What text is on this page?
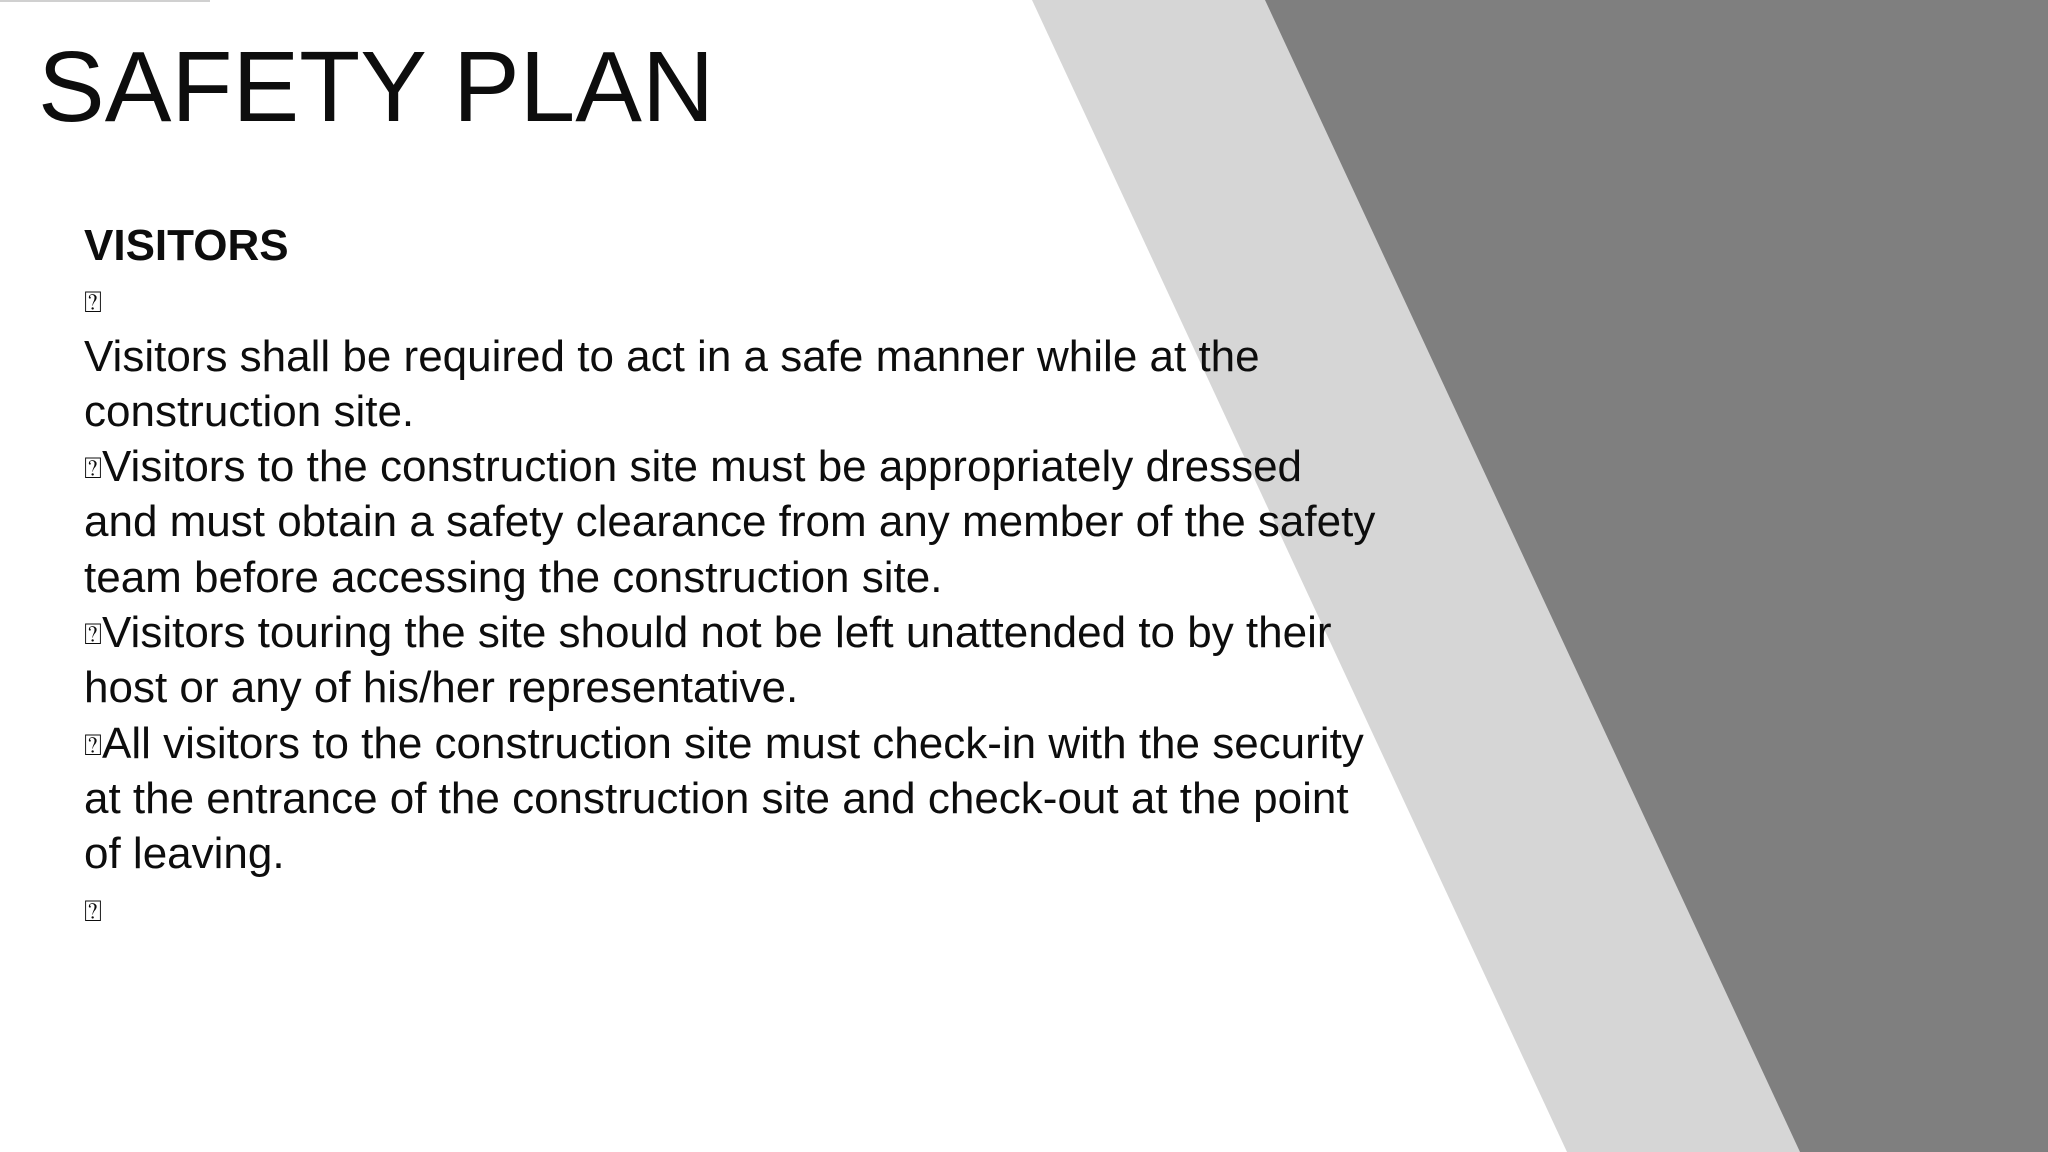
SAFETY PLAN
VISITORS
⍰
Visitors shall be required to act in a safe manner while at the
construction site.
⍰Visitors to the construction site must be appropriately dressed
and must obtain a safety clearance from any member of the safety
team before accessing the construction site.
⍰Visitors touring the site should not be left unattended to by their
host or any of his/her representative.
⍰All visitors to the construction site must check-in with the security
at the entrance of the construction site and check-out at the point
of leaving.
⍰
